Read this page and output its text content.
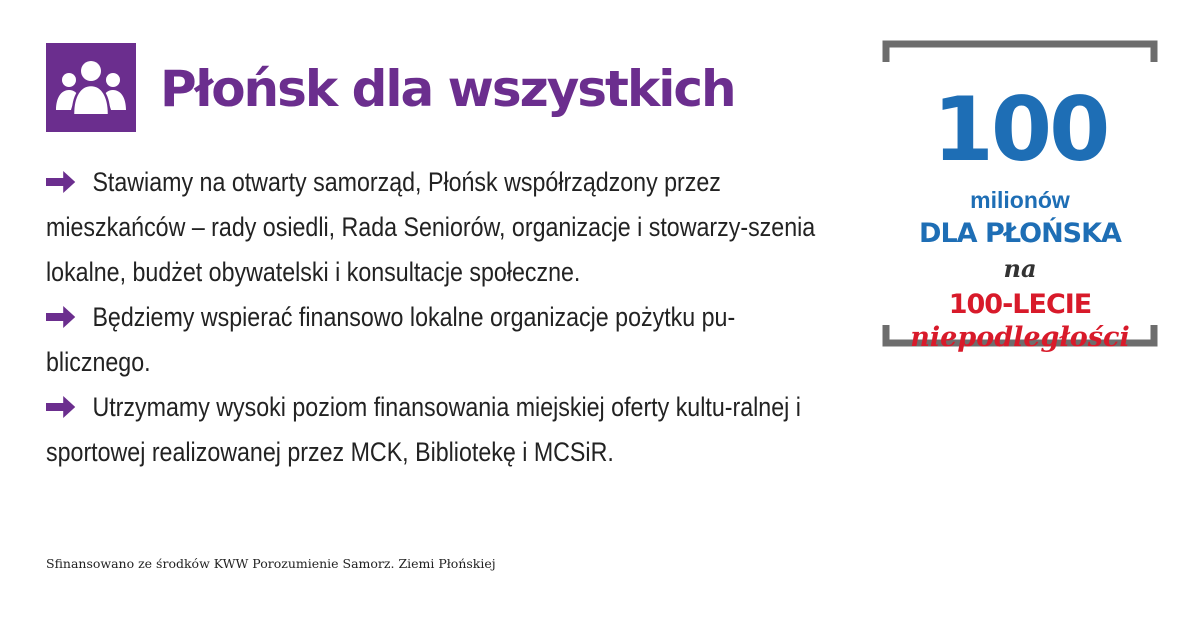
Płońsk dla wszystkich
Stawiamy na otwarty samorząd, Płońsk współrządzony przez mieszkańców – rady osiedli, Rada Seniorów, organizacje i stowarzy-szenia lokalne, budżet obywatelski i konsultacje społeczne.
Będziemy wspierać finansowo lokalne organizacje pożytku pu-blicznego.
Utrzymamy wysoki poziom finansowania miejskiej oferty kultu-ralnej i sportowej realizowanej przez MCK, Bibliotekę i MCSiR.
100
milionów
DLA PŁOŃSKA
na
100-LECIE
niepodległości
Sfinansowano ze środków KWW Porozumienie Samorz. Ziemi Płońskiej
